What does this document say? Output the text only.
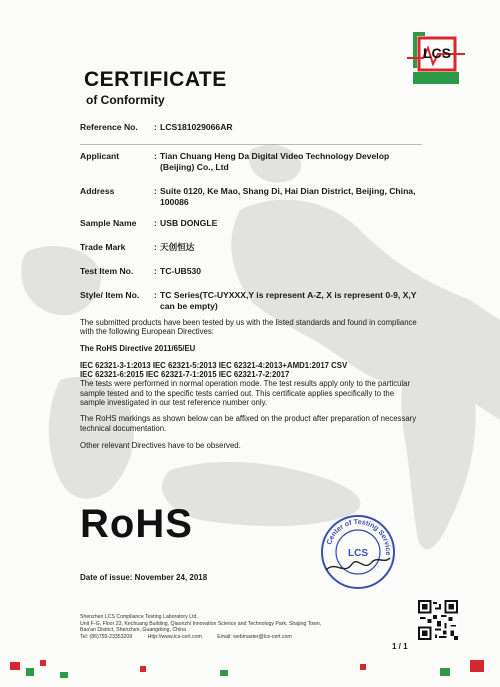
LCS
CERTIFICATE
of Conformity
Reference No.	: LCS181029066AR
Applicant	: Tian Chuang Heng Da Digital Video Technology Develop (Beijing) Co., Ltd
Address	: Suite 0120, Ke Mao, Shang Di, Hai Dian District, Beijing, China, 100086
Sample Name	: USB DONGLE
Trade Mark	: 天创恒达
Test Item No.	: TC-UB530
Style/ Item No.	: TC Series(TC-UYXXX,Y is represent A-Z, X is represent 0-9, X,Y can be empty)

The submitted products have been tested by us with the listed standards and found in compliance with the following European Directives:

The RoHS Directive 2011/65/EU

IEC 62321-3-1:2013 IEC 62321-5:2013 IEC 62321-4:2013+AMD1:2017 CSV

IEC 62321-6:2015 IEC 62321-7-1:2015 IEC 62321-7-2:2017

The tests were performed in normal operation mode. The test results apply only to the particular sample tested and to the specific tests carried out. This certificate applies specifically to the sample investigated in our test reference number only.

The RoHS markings as shown below can be affixed on the product after preparation of necessary technical documentation.

Other relevant Directives have to be observed.

RoHS	Center of Testing Service
LCS
Date of issue: November 24, 2018
Shenzhen LCS Compliance Testing Laboratory Ltd.
Unit F-G, Floor 23, Kechuang Building, Qiaonzhi Innovation Science and Technology Park, Shajing Town,
Bao'an District, Shenzhen, Guangdong, China
Tel: (86)755-23353209	Http://www.lcs-cert.com	Email: webmaster@lcs-cert.com
1 / 1
